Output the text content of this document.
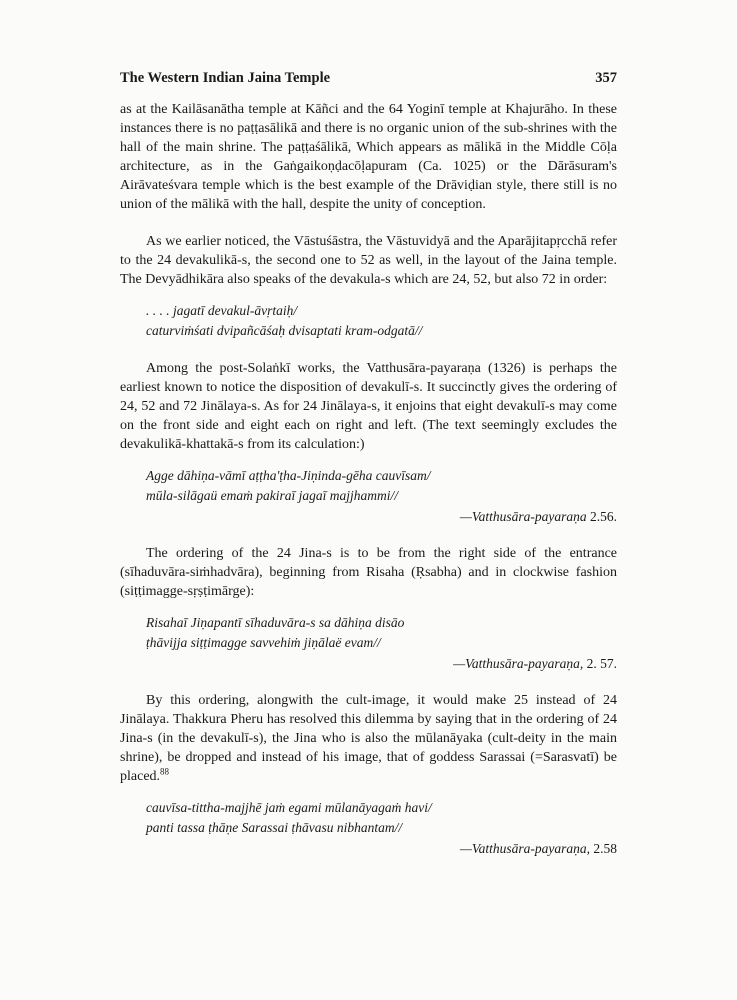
The Western Indian Jaina Temple	357

as at the Kailāsanātha temple at Kāñci and the 64 Yoginī temple at Khajurāho. In these instances there is no paṭṭasālikā and there is no organic union of the sub-shrines with the hall of the main shrine. The paṭṭaśālikā, Which appears as mālikā in the Middle Cōḷa architecture, as in the Gaṅgaikoṇḍacōḷapuram (Ca. 1025) or the Dārāsuram's Airāvateśvara temple which is the best example of the Drāviḍian style, there still is no union of the mālikā with the hall, despite the unity of conception.

As we earlier noticed, the Vāstuśāstra, the Vāstuvidyā and the Aparājitapṛcchā refer to the 24 devakulikā-s, the second one to 52 as well, in the layout of the Jaina temple. The Devyādhikāra also speaks of the devakula-s which are 24, 52, but also 72 in order:

. . . . jagatī devakul-āvṛtaiḥ/
caturviṁśati dvipañcāśaḥ dvisaptati kram-odgatā//

Among the post-Solaṅkī works, the Vatthusāra-payaraṇa (1326) is perhaps the earliest known to notice the disposition of devakulī-s. It succinctly gives the ordering of 24, 52 and 72 Jinālaya-s. As for 24 Jinālaya-s, it enjoins that eight devakulī-s may come on the front side and eight each on right and left. (The text seemingly excludes the devakulikā-khattakā-s from its calculation:)

Agge dāhiṇa-vāmī aṭṭha'ṭha-Jiṇinda-gēha cauvīsam/
mūla-silāgaü emaṁ pakiraī jagaī majjhammi//
—Vatthusāra-payaraṇa 2.56.

The ordering of the 24 Jina-s is to be from the right side of the entrance (sīhaduvāra-siṁhadvāra), beginning from Risaha (Ṛsabha) and in clockwise fashion (siṭṭimagge-sṛṣṭimārge):

Risahaī Jiṇapantī sīhaduvāra-s sa dāhiṇa disāo
ṭhāvijja siṭṭimagge savvehiṁ jiṇālaë evam//
—Vatthusāra-payaraṇa, 2. 57.

By this ordering, alongwith the cult-image, it would make 25 instead of 24 Jinālaya. Thakkura Pheru has resolved this dilemma by saying that in the ordering of 24 Jina-s (in the devakulī-s), the Jina who is also the mūlanāyaka (cult-deity in the main shrine), be dropped and instead of his image, that of goddess Sarassai (=Sarasvatī) be placed.$^{88}$

cauvīsa-tittha-majjhē jaṁ egami mūlanāyagaṁ havi/
panti tassa ṭhāṇe Sarassai ṭhāvasu nibhantam//
—Vatthusāra-payaraṇa, 2.58
